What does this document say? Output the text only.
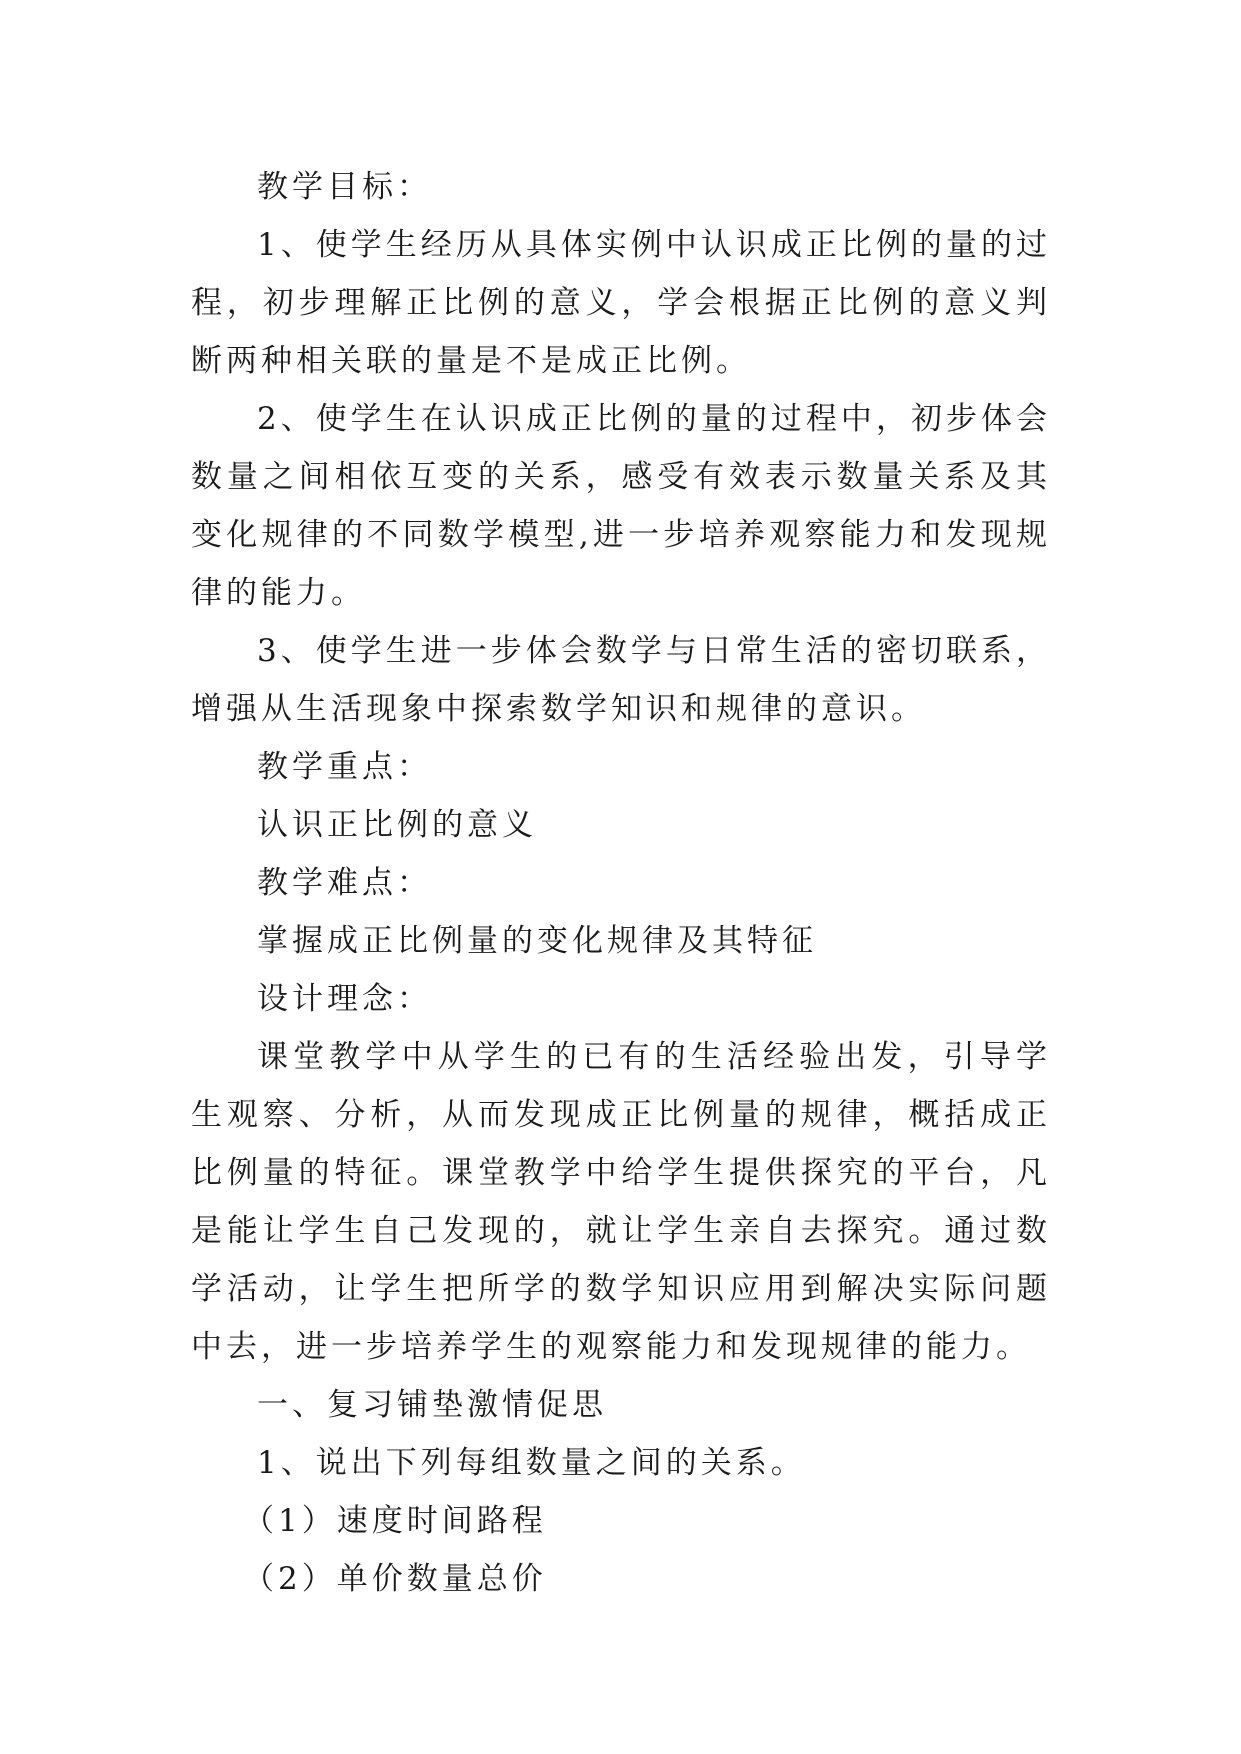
教学目标：

1、使学生经历从具体实例中认识成正比例的量的过程，初步理解正比例的意义，学会根据正比例的意义判断两种相关联的量是不是成正比例。

2、使学生在认识成正比例的量的过程中，初步体会数量之间相依互变的关系，感受有效表示数量关系及其变化规律的不同数学模型,进一步培养观察能力和发现规律的能力。

3、使学生进一步体会数学与日常生活的密切联系，增强从生活现象中探索数学知识和规律的意识。

教学重点：

认识正比例的意义

教学难点：

掌握成正比例量的变化规律及其特征

设计理念：

课堂教学中从学生的已有的生活经验出发，引导学生观察、分析，从而发现成正比例量的规律，概括成正比例量的特征。课堂教学中给学生提供探究的平台，凡是能让学生自己发现的，就让学生亲自去探究。通过数学活动，让学生把所学的数学知识应用到解决实际问题中去，进一步培养学生的观察能力和发现规律的能力。

一、复习铺垫激情促思

1、说出下列每组数量之间的关系。

（1）速度时间路程

（2）单价数量总价
